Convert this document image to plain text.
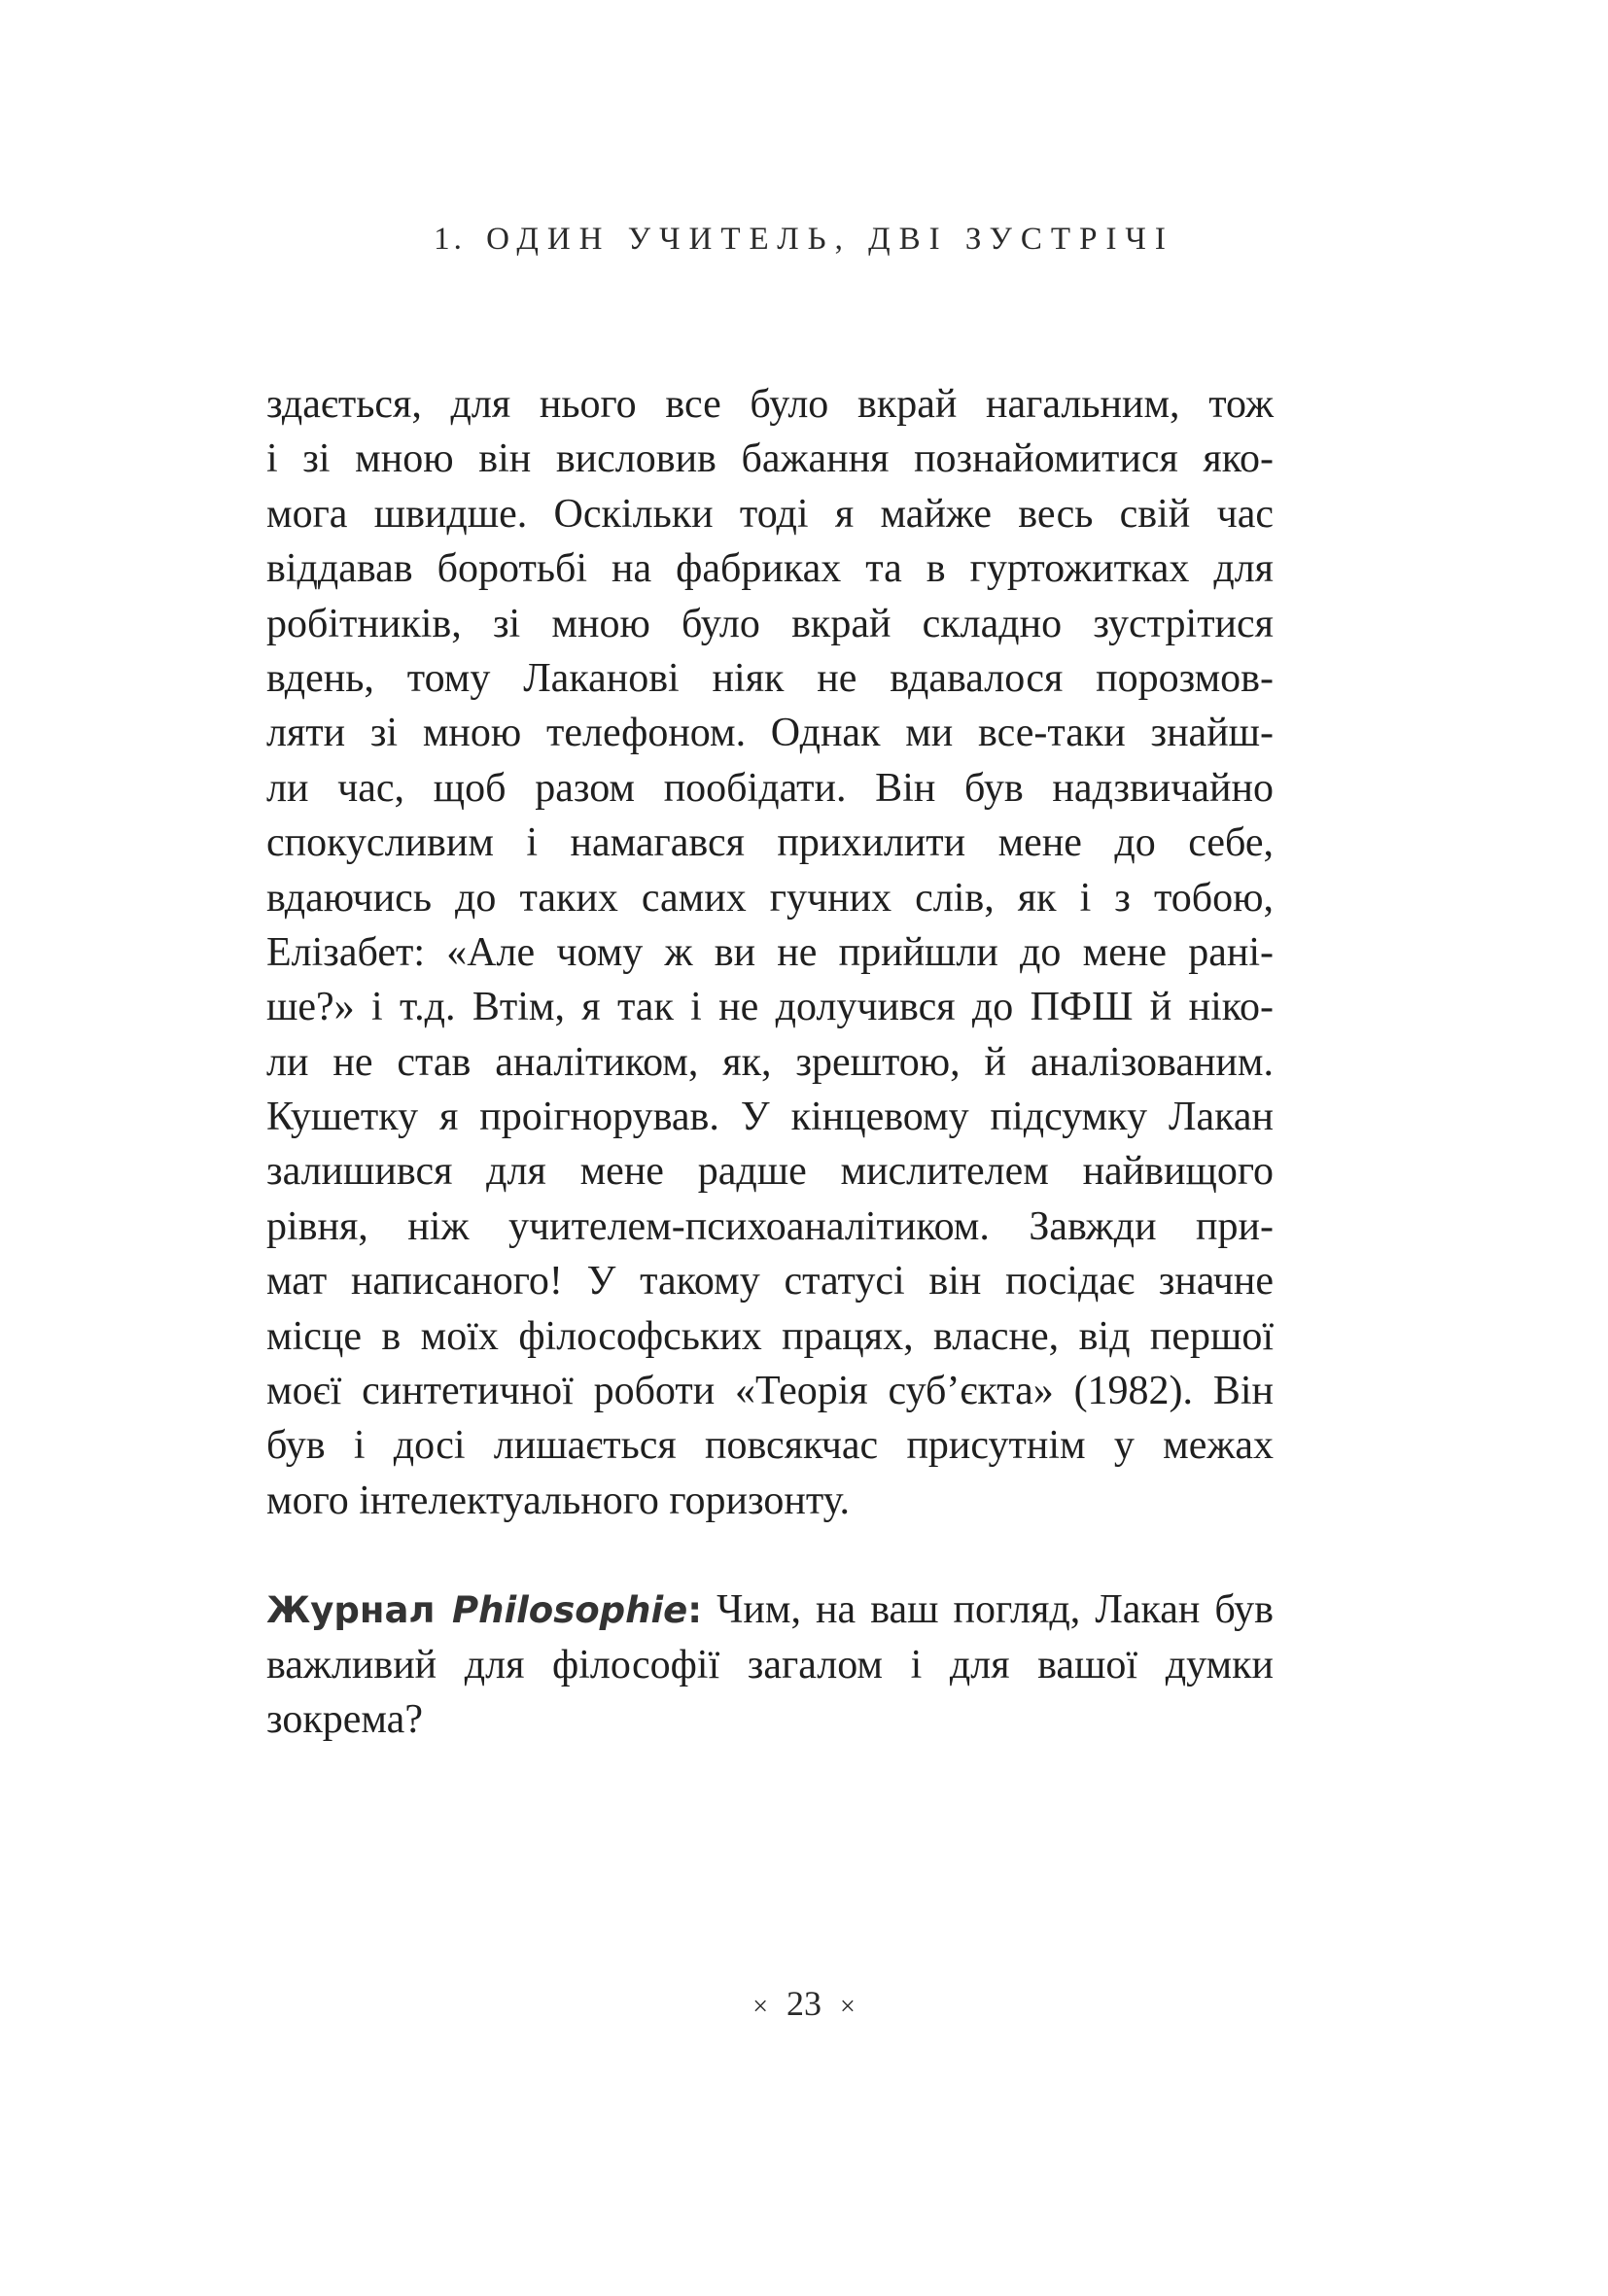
1. ОДИН УЧИТЕЛЬ, ДВІ ЗУСТРІЧІ
здається, для нього все було вкрай нагальним, тож
і зі мною він висловив бажання познайомитися яко-
мога швидше. Оскільки тоді я майже весь свій час
віддавав боротьбі на фабриках та в гуртожитках для
робітників, зі мною було вкрай складно зустрітися
вдень, тому Лаканові ніяк не вдавалося порозмов-
ляти зі мною телефоном. Однак ми все-таки знайш-
ли час, щоб разом пообідати. Він був надзвичайно
спокусливим і намагався прихилити мене до себе,
вдаючись до таких самих гучних слів, як і з тобою,
Елізабет: «Але чому ж ви не прийшли до мене рані-
ше?» і т.д. Втім, я так і не долучився до ПФШ й ніко-
ли не став аналітиком, як, зрештою, й аналізованим.
Кушетку я проігнорував. У кінцевому підсумку Лакан
залишився для мене радше мислителем найвищого
рівня, ніж учителем-психоаналітиком. Завжди при-
мат написаного! У такому статусі він посідає значне
місце в моїх філософських працях, власне, від першої
моєї синтетичної роботи «Теорія суб’єкта» (1982). Він
був і досі лишається повсякчас присутнім у межах
мого інтелектуального горизонту.
Журнал Philosophie: Чим, на ваш погляд, Лакан був
важливий для філософії загалом і для вашої думки
зокрема?
× 23 ×
